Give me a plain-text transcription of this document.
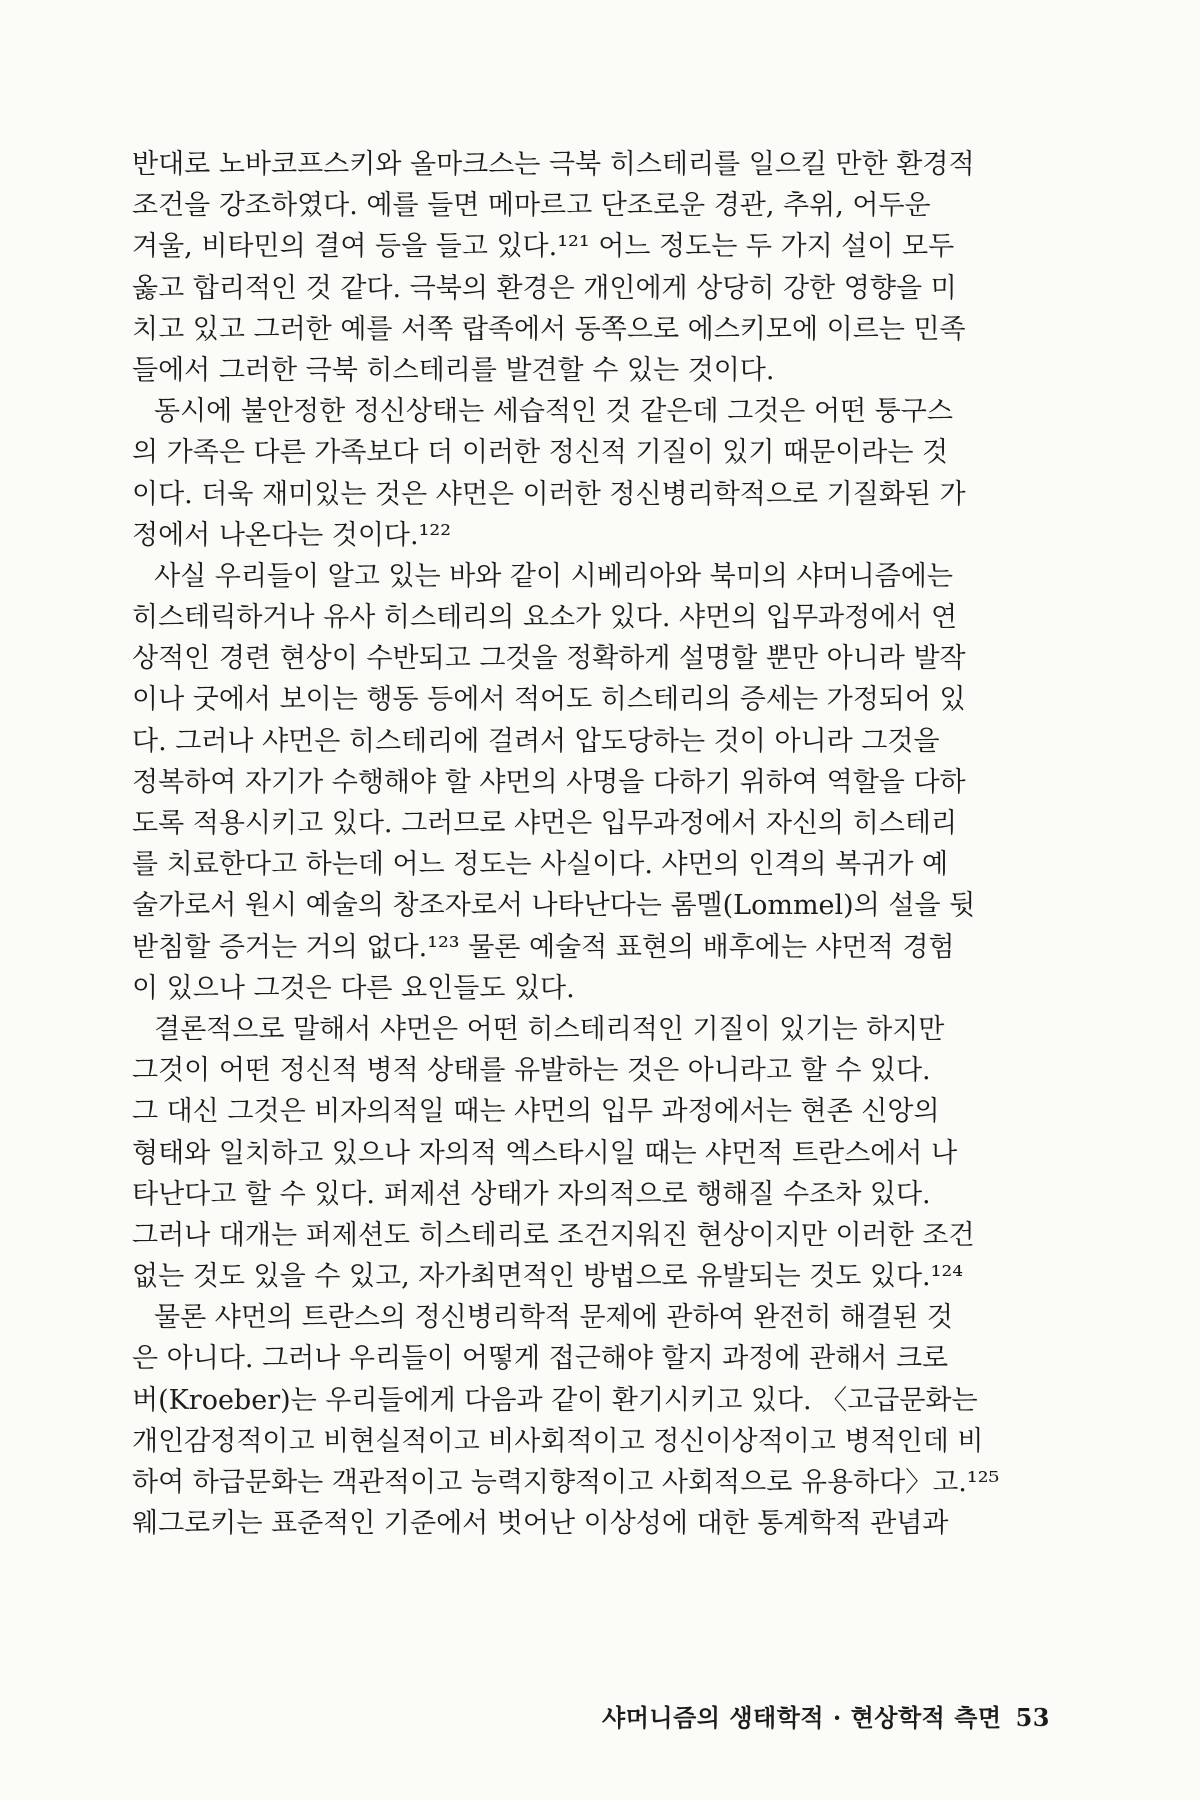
반대로 노바코프스키와 올마크스는 극북 히스테리를 일으킬 만한 환경적
조건을 강조하였다. 예를 들면 메마르고 단조로운 경관, 추위, 어두운
겨울, 비타민의 결여 등을 들고 있다.¹²¹ 어느 정도는 두 가지 설이 모두
옳고 합리적인 것 같다. 극북의 환경은 개인에게 상당히 강한 영향을 미
치고 있고 그러한 예를 서쪽 랍족에서 동쪽으로 에스키모에 이르는 민족
들에서 그러한 극북 히스테리를 발견할 수 있는 것이다.
동시에 불안정한 정신상태는 세습적인 것 같은데 그것은 어떤 퉁구스
의 가족은 다른 가족보다 더 이러한 정신적 기질이 있기 때문이라는 것
이다. 더욱 재미있는 것은 샤먼은 이러한 정신병리학적으로 기질화된 가
정에서 나온다는 것이다.¹²²
사실 우리들이 알고 있는 바와 같이 시베리아와 북미의 샤머니즘에는
히스테릭하거나 유사 히스테리의 요소가 있다. 샤먼의 입무과정에서 연
상적인 경련 현상이 수반되고 그것을 정확하게 설명할 뿐만 아니라 발작
이나 굿에서 보이는 행동 등에서 적어도 히스테리의 증세는 가정되어 있
다. 그러나 샤먼은 히스테리에 걸려서 압도당하는 것이 아니라 그것을
정복하여 자기가 수행해야 할 샤먼의 사명을 다하기 위하여 역할을 다하
도록 적용시키고 있다. 그러므로 샤먼은 입무과정에서 자신의 히스테리
를 치료한다고 하는데 어느 정도는 사실이다. 샤먼의 인격의 복귀가 예
술가로서 원시 예술의 창조자로서 나타난다는 롬멜(Lommel)의 설을 뒷
받침할 증거는 거의 없다.¹²³ 물론 예술적 표현의 배후에는 샤먼적 경험
이 있으나 그것은 다른 요인들도 있다.
결론적으로 말해서 샤먼은 어떤 히스테리적인 기질이 있기는 하지만
그것이 어떤 정신적 병적 상태를 유발하는 것은 아니라고 할 수 있다.
그 대신 그것은 비자의적일 때는 샤먼의 입무 과정에서는 현존 신앙의
형태와 일치하고 있으나 자의적 엑스타시일 때는 샤먼적 트란스에서 나
타난다고 할 수 있다. 퍼제션 상태가 자의적으로 행해질 수조차 있다.
그러나 대개는 퍼제션도 히스테리로 조건지워진 현상이지만 이러한 조건
없는 것도 있을 수 있고, 자가최면적인 방법으로 유발되는 것도 있다.¹²⁴
물론 샤먼의 트란스의 정신병리학적 문제에 관하여 완전히 해결된 것
은 아니다. 그러나 우리들이 어떻게 접근해야 할지 과정에 관해서 크로
버(Kroeber)는 우리들에게 다음과 같이 환기시키고 있다. 〈고급문화는
개인감정적이고 비현실적이고 비사회적이고 정신이상적이고 병적인데 비
하여 하급문화는 객관적이고 능력지향적이고 사회적으로 유용하다〉고.¹²⁵
웨그로키는 표준적인 기준에서 벗어난 이상성에 대한 통계학적 관념과
샤머니즘의 생태학적 · 현상학적 측면 53
